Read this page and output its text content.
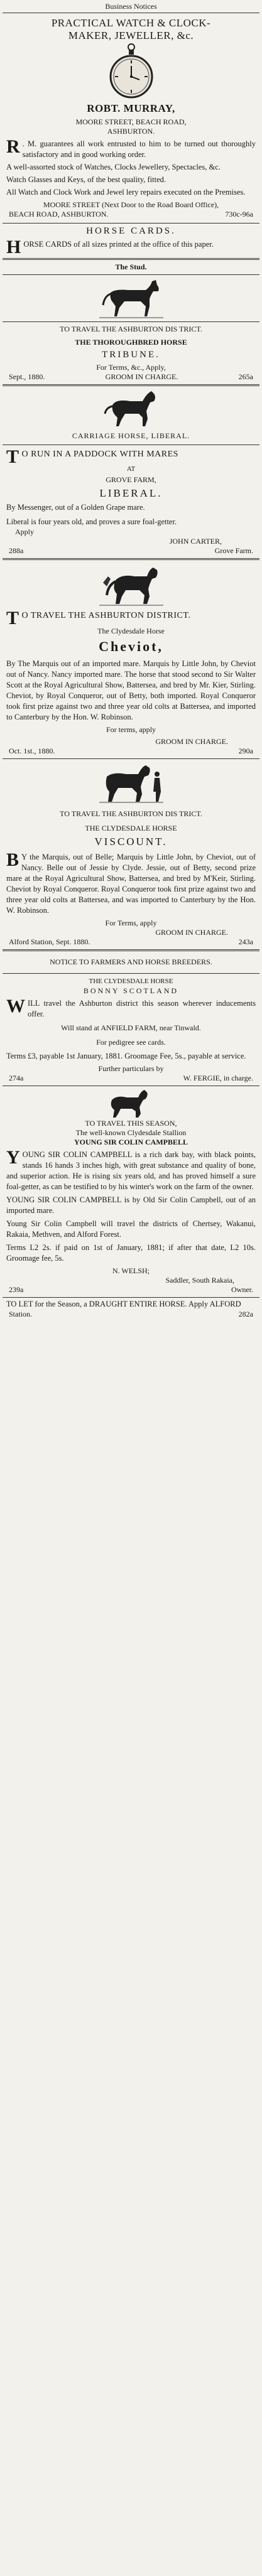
Business Notices
PRACTICAL WATCH & CLOCK-
MAKER, JEWELLER, &c.
ROBT. MURRAY,
MOORE STREET, BEACH ROAD,
ASHBURTON.
R . M. guarantees all work entrusted to him to be turned out thoroughly satisfactory and in good working order.
A well-assorted stock of Watches, Clocks Jewellery, Spectacles, &c.
Watch Glasses and Keys, of the best quality, fitted.
All Watch and Clock Work and Jewel lery repairs executed on the Premises.
MOORE STREET (Next Door to the Road Board Office),
BEACH ROAD, ASHBURTON.	730c-96a
HORSE CARDS.
HORSE CARDS of all sizes printed at the office of this paper.
The Stud.
TO TRAVEL THE ASHBURTON DIS TRICT.
THE THOROUGHBRED HORSE
TRIBUNE.
For Terms, &c., Apply,
Sept., 1880.	GROOM IN CHARGE.	265a
CARRIAGE HORSE, LIBERAL.
T O RUN IN A PADDOCK WITH MARES
AT
GROVE FARM,
LIBERAL.
By Messenger, out of a Golden Grape mare.
Liberal is four years old, and proves a sure foal-getter.
Apply
JOHN CARTER,
288a	Grove Farm.
T O TRAVEL THE ASHBURTON DISTRICT.
The Clydesdale Horse
Cheviot,
By The Marquis out of an imported mare. Marquis by Little John, by Cheviot out of Nancy. Nancy imported mare. The horse that stood second to Sir Walter Scott at the Royal Agricultural Show, Battersea, and bred by Mr. Kier, Stirling. Cheviot, by Royal Conqueror, out of Betty, both imported. Royal Conqueror took first prize against two and three year old colts at Battersea, and imported to Canterbury by the Hon. W. Robinson.
For terms, apply
GROOM IN CHARGE.
Oct. 1st., 1880.	290a
TO TRAVEL THE ASHBURTON DIS TRICT.
THE CLYDESDALE HORSE
VISCOUNT.
B Y the Marquis, out of Belle; Marquis by Little John, by Cheviot, out of Nancy. Belle out of Jessie by Clyde. Jessie, out of Betty, second prize mare at the Royal Agricultural Show, Battersea, and bred by M'Keir, Stirling. Cheviot by Royal Conqueror. Royal Conqueror took first prize against two and three year old colts at Battersea, and was imported to Canterbury by the Hon. W. Robinson.
For Terms, apply
GROOM IN CHARGE.
Alford Station, Sept. 1880.	243a
NOTICE TO FARMERS AND HORSE BREEDERS.
THE CLYDESDALE HORSE
BONNY SCOTLAND
WILL travel the Ashburton district this season wherever inducements offer.
Will stand at ANFIELD FARM, near Tinwald.
For pedigree see cards.
Terms £3, payable 1st January, 1881. Groomage Fee, 5s., payable at service.
Further particulars by
274a	W. FERGIE, in charge.
TO TRAVEL THIS SEASON,
The well-known Clydesdale Stallion
YOUNG SIR COLIN CAMPBELL
YOUNG SIR COLIN CAMPBELL is a rich dark bay, with black points, stands 16 hands 3 inches high, with great substance and quality of bone, and superior action. He is rising six years old, and has proved himself a sure foal-getter, as can be testified to by his winter's work on the farm of the owner.
YOUNG SIR COLIN CAMPBELL is by Old Sir Colin Campbell, out of an imported mare.
Young Sir Colin Campbell will travel the districts of Chertsey, Wakanui, Rakaia, Methven, and Alford Forest.
Terms L2 2s. if paid on 1st of January, 1881; if after that date, L2 10s. Groomage fee, 5s.
N. WELSH;
Saddler, South Rakaia,
239a	Owner.
TO LET for the Season, a DRAUGHT ENTIRE HORSE. Apply ALFORD
Station.	282a
